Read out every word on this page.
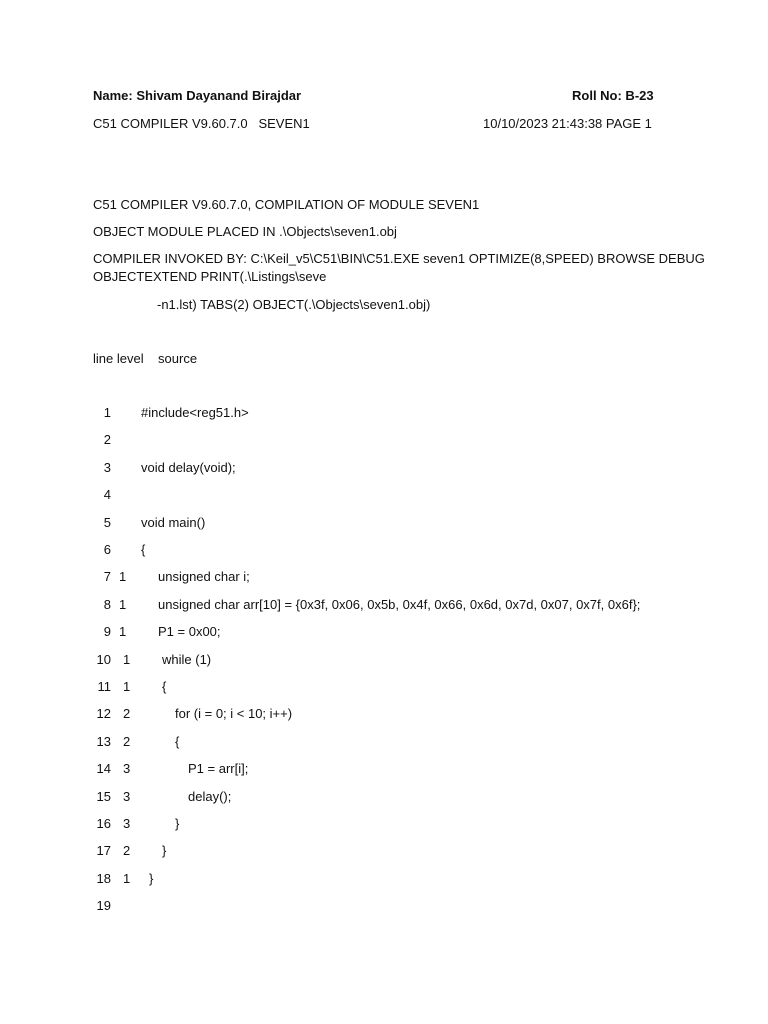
Name: Shivam Dayanand Birajdar	Roll No: B-23
C51 COMPILER V9.60.7.0   SEVEN1	10/10/2023 21:43:38 PAGE 1
C51 COMPILER V9.60.7.0, COMPILATION OF MODULE SEVEN1
OBJECT MODULE PLACED IN .\Objects\seven1.obj
COMPILER INVOKED BY: C:\Keil_v5\C51\BIN\C51.EXE seven1 OPTIMIZE(8,SPEED) BROWSE DEBUG
OBJECTEXTEND PRINT(.\Listings\seve
-n1.lst) TABS(2) OBJECT(.\Objects\seven1.obj)
line level    source
1 #include<reg51.h>
2
3 void delay(void);
4
5 void main()
6 {
7 1 unsigned char i;
8 1 unsigned char arr[10] = {0x3f, 0x06, 0x5b, 0x4f, 0x66, 0x6d, 0x7d, 0x07, 0x7f, 0x6f};
9 1 P1 = 0x00;
10 1 while (1)
11 1 {
12 2	for (i = 0; i < 10; i++)
13 2	{
14 3	P1 = arr[i];
15 3	delay();
16 3	}
17 2 }
18 1 }
19
